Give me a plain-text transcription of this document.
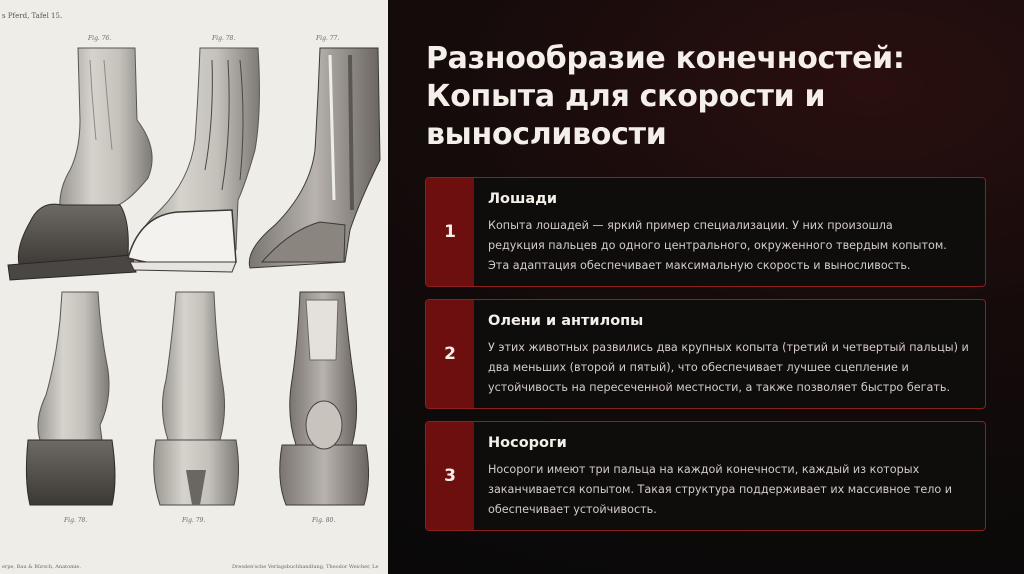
s Pferd, Tafel 15.
Fig. 76.	Fig. 78.	Fig. 77.
Fig. 78.	Fig. 79.	Fig. 80.
erpe, Bau & Bürsch, Anatomie.	Dresden'sche Verlagsbuchhandlung, Theodor Weicher, Le
Разнообразие конечностей:
Копыта для скорости и
выносливости
1
Лошади
Копыта лошадей — яркий пример специализации. У них произошла
редукция пальцев до одного центрального, окруженного твердым копытом.
Эта адаптация обеспечивает максимальную скорость и выносливость.
2
Олени и антилопы
У этих животных развились два крупных копыта (третий и четвертый пальцы) и
два меньших (второй и пятый), что обеспечивает лучшее сцепление и
устойчивость на пересеченной местности, а также позволяет быстро бегать.
3
Носороги
Носороги имеют три пальца на каждой конечности, каждый из которых
заканчивается копытом. Такая структура поддерживает их массивное тело и
обеспечивает устойчивость.
